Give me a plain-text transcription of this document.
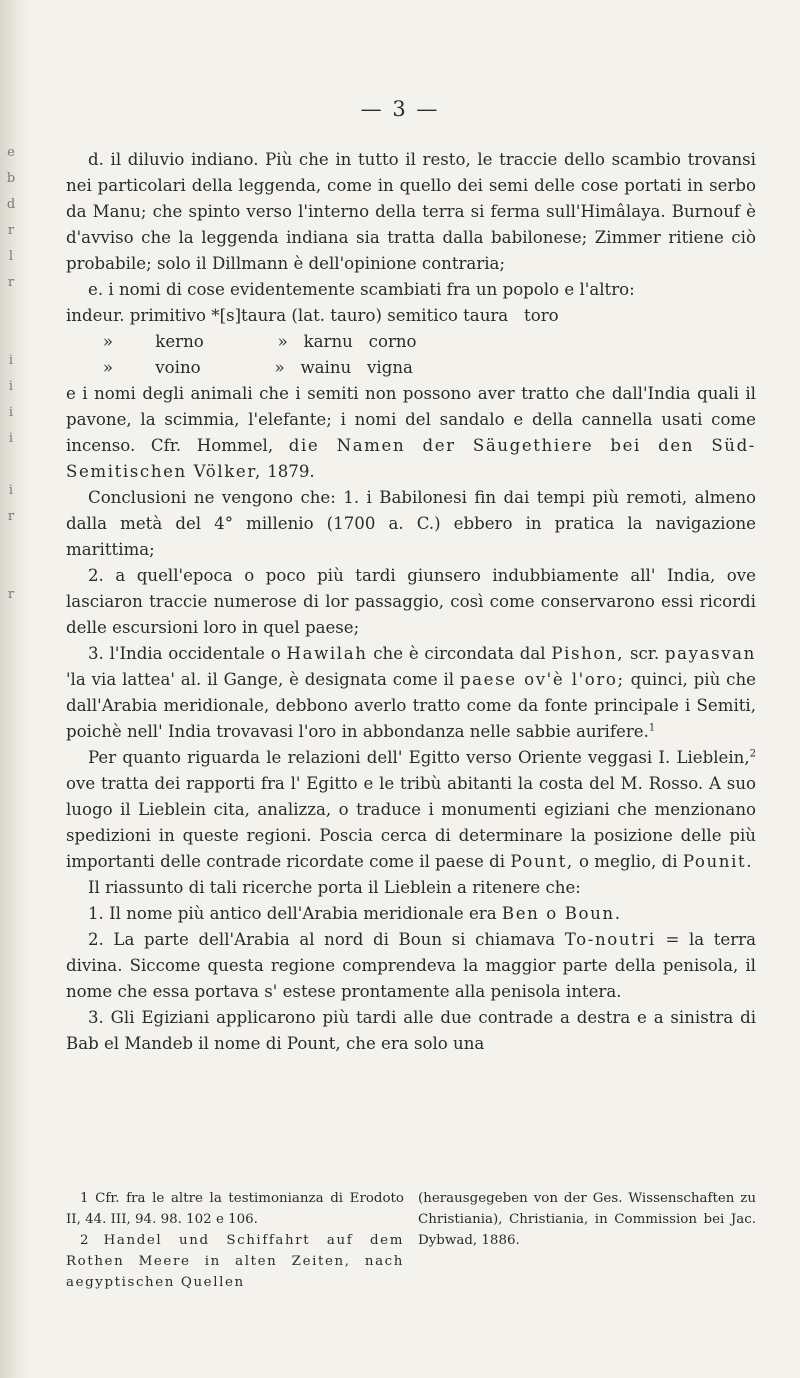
e
b
d
r
l
r
i
i
i
i
i
r
r
— 3 —

d. il diluvio indiano. Più che in tutto il resto, le traccie dello scambio trovansi nei particolari della leggenda, come in quello dei semi delle cose portati in serbo da Manu; che spinto verso l'interno della terra si ferma sull'Himâlaya. Burnouf è d'avviso che la leggenda indiana sia tratta dalla babilonese; Zimmer ritiene ciò probabile; solo il Dillmann è dell'opinione contraria;

e. i nomi di cose evidentemente scambiati fra un popolo e l'altro:

indeur. primitivo *[s]taura (lat. tauro) semitico taura   toro

»        kerno              »   karnu   corno

»        voino              »   wainu   vigna

e i nomi degli animali che i semiti non possono aver tratto che dall'India quali il pavone, la scimmia, l'elefante; i nomi del sandalo e della cannella usati come incenso. Cfr. Hommel, die Namen der Säugethiere bei den Süd-Semitischen Völker, 1879.

Conclusioni ne vengono che: 1. i Babilonesi fin dai tempi più remoti, almeno dalla metà del 4° millenio (1700 a. C.) ebbero in pratica la navigazione marittima;

2. a quell'epoca o poco più tardi giunsero indubbiamente all' India, ove lasciaron traccie numerose di lor passaggio, così come conservarono essi ricordi delle escursioni loro in quel paese;

3. l'India occidentale o Hawilah che è circondata dal Pishon, scr. payasvan 'la via lattea' al. il Gange, è designata come il paese ov'è l'oro; quinci, più che dall'Arabia meridionale, debbono averlo tratto come da fonte principale i Semiti, poichè nell' India trovavasi l'oro in abbondanza nelle sabbie aurifere.$^1$

Per quanto riguarda le relazioni dell' Egitto verso Oriente veggasi I. Lieblein,$^2$ ove tratta dei rapporti fra l' Egitto e le tribù abitanti la costa del M. Rosso. A suo luogo il Lieblein cita, analizza, o traduce i monumenti egiziani che menzionano spedizioni in queste regioni. Poscia cerca di determinare la posizione delle più importanti delle contrade ricordate come il paese di Pount, o meglio, di Pounit.

Il riassunto di tali ricerche porta il Lieblein a ritenere che:

1. Il nome più antico dell'Arabia meridionale era Ben o Boun.

2. La parte dell'Arabia al nord di Boun si chiamava To-noutri = la terra divina. Siccome questa regione comprendeva la maggior parte della penisola, il nome che essa portava s' estese prontamente alla penisola intera.

3. Gli Egiziani applicarono più tardi alle due contrade a destra e a sinistra di Bab el Mandeb il nome di Pount, che era solo una

1 Cfr. fra le altre la testimonianza di Erodoto II, 44. III, 94. 98. 102 e 106.

2 Handel und Schiffahrt auf dem Rothen Meere in alten Zeiten, nach aegyptischen Quellen

(herausgegeben von der Ges. Wissenschaften zu Christiania), Christiania, in Commission bei Jac. Dybwad, 1886.
